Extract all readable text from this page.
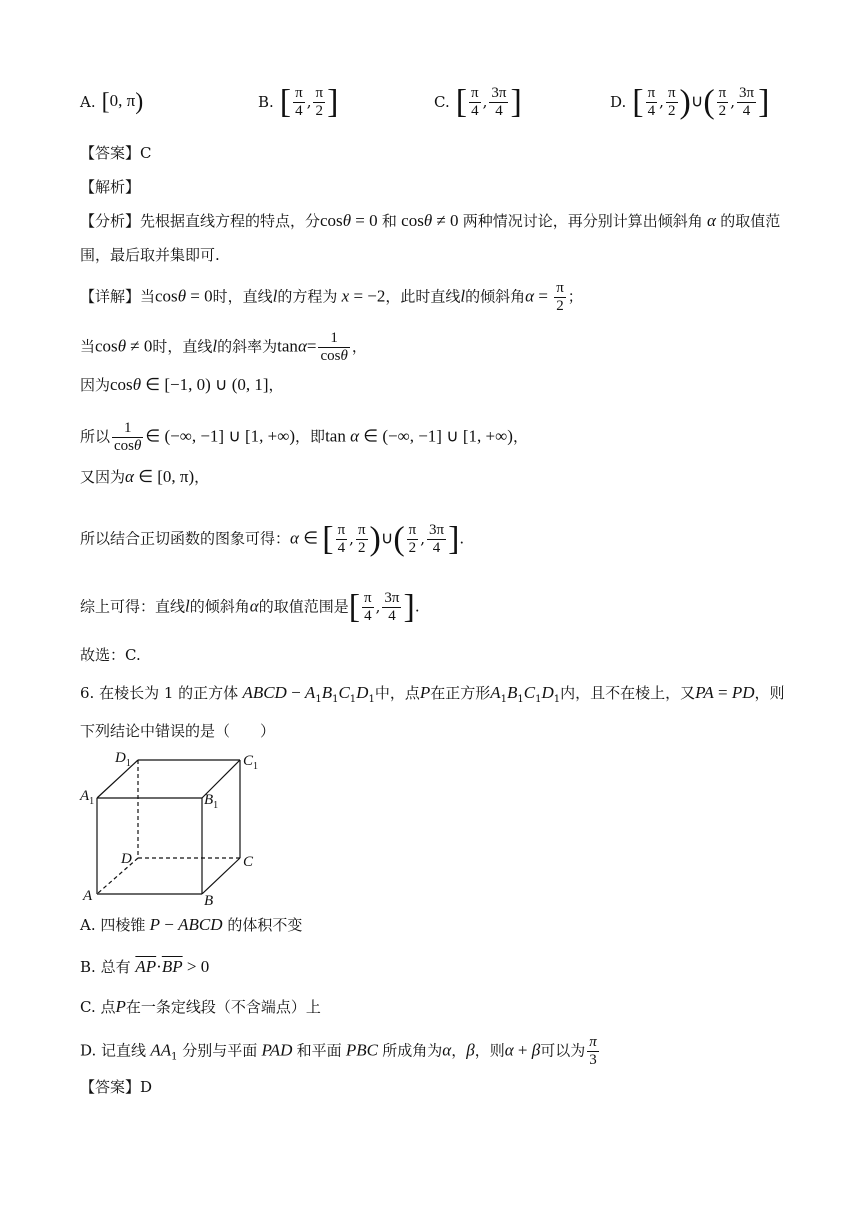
A. [0, π)	B. [ $\frac{\pi}{4}$ , $\frac{\pi}{2}$ ]	C. [ $\frac{\pi}{4}$ , $\frac{3\pi}{4}$ ]	D. [ $\frac{\pi}{4}$ , $\frac{\pi}{2}$ )∪( $\frac{\pi}{2}$ , $\frac{3\pi}{4}$ ]
【答案】C
【解析】
【分析】先根据直线方程的特点，分cosθ = 0 和 cosθ ≠ 0 两种情况讨论，再分别计算出倾斜角 α 的取值范
围，最后取并集即可.
【详解】当cosθ = 0时，直线l的方程为 x = −2，此时直线l的倾斜角$\alpha = \frac{\pi}{2}$ ；
当cosθ ≠ 0时，直线l的斜率为$\tan\alpha= \frac{1}{\cos\theta}$ ，
因为cosθ ∈ [−1, 0) ∪ (0, 1]，
所以 $\frac{1}{\cos\theta}$ ∈ (−∞, −1] ∪ [1, +∞)，即tan α ∈ (−∞, −1] ∪ [1, +∞)，
又因为α ∈ [0, π)，
所以结合正切函数的图象可得：α ∈ [ $\frac{\pi}{4}$ , $\frac{\pi}{2}$ )∪( $\frac{\pi}{2}$ , $\frac{3\pi}{4}$ ].
综上可得：直线l的倾斜角α的取值范围是[ $\frac{\pi}{4}$ , $\frac{3\pi}{4}$ ].
故选：C.
6. 在棱长为 1 的正方体 ABCD − $A_1B_1C_1D_1$中，点P在正方形$A_1B_1C_1D_1$内，且不在棱上，又PA = PD，则
下列结论中错误的是（　　）
$D_1$	$C_1$
$A_1$	$B_1$
D	C
A	B
A. 四棱锥 P − ABCD 的体积不变
B. 总有 $\overline{AP}\cdot\overline{BP} > 0$
C. 点P在一条定线段（不含端点）上
D. 记直线 $AA_1$ 分别与平面 PAD 和平面 PBC 所成角为α，β，则α + β可以为 $\frac{\pi}{3}$
【答案】D
